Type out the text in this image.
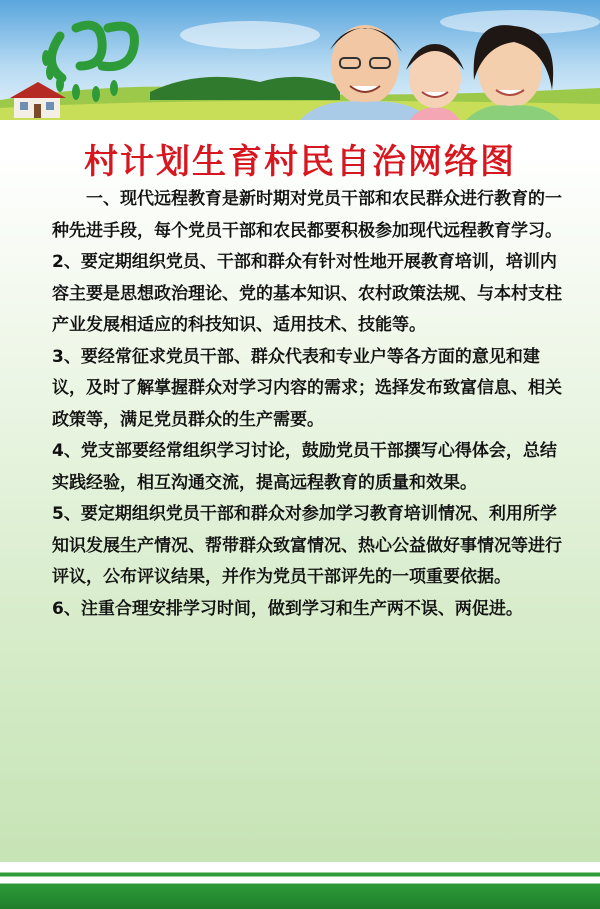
村计划生育村民自治网络图

一、现代远程教育是新时期对党员干部和农民群众进行教育的一种先进手段，每个党员干部和农民都要积极参加现代远程教育学习。

2、要定期组织党员、干部和群众有针对性地开展教育培训，培训内容主要是思想政治理论、党的基本知识、农村政策法规、与本村支柱产业发展相适应的科技知识、适用技术、技能等。

3、要经常征求党员干部、群众代表和专业户等各方面的意见和建议，及时了解掌握群众对学习内容的需求；选择发布致富信息、相关政策等，满足党员群众的生产需要。

4、党支部要经常组织学习讨论，鼓励党员干部撰写心得体会，总结实践经验，相互沟通交流，提高远程教育的质量和效果。

5、要定期组织党员干部和群众对参加学习教育培训情况、利用所学知识发展生产情况、帮带群众致富情况、热心公益做好事情况等进行评议，公布评议结果，并作为党员干部评先的一项重要依据。

6、注重合理安排学习时间，做到学习和生产两不误、两促进。
